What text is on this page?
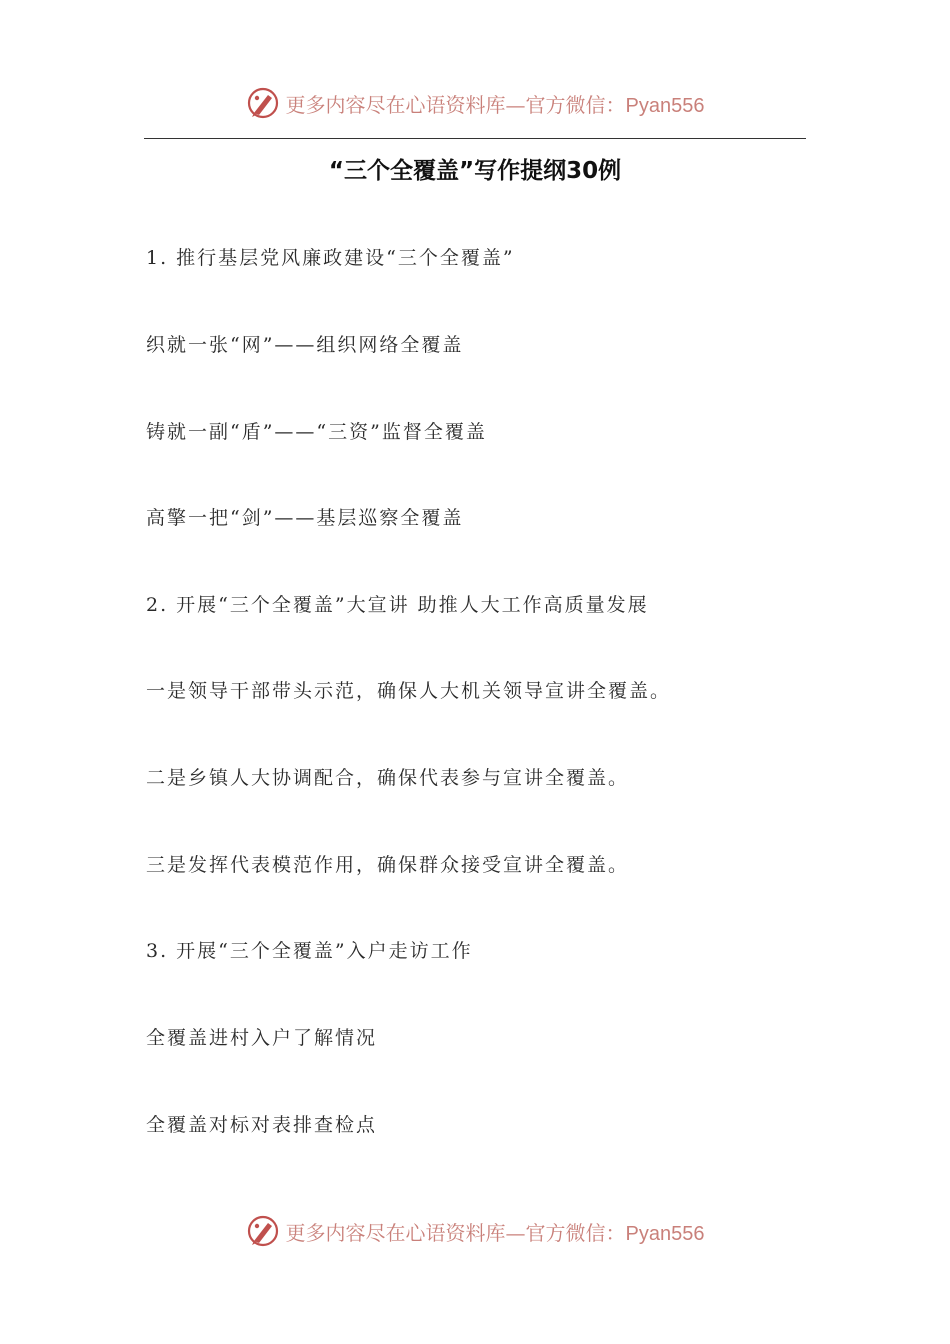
更多内容尽在心语资料库—官方微信：Pyan556
“三个全覆盖”写作提纲30例
1. 推行基层党风廉政建设“三个全覆盖”
织就一张“网”——组织网络全覆盖
铸就一副“盾”——“三资”监督全覆盖
高擎一把“剑”——基层巡察全覆盖
2. 开展“三个全覆盖”大宣讲 助推人大工作高质量发展
一是领导干部带头示范，确保人大机关领导宣讲全覆盖。
二是乡镇人大协调配合，确保代表参与宣讲全覆盖。
三是发挥代表模范作用，确保群众接受宣讲全覆盖。
3. 开展“三个全覆盖”入户走访工作
全覆盖进村入户了解情况
全覆盖对标对表排查检点
更多内容尽在心语资料库—官方微信：Pyan556
